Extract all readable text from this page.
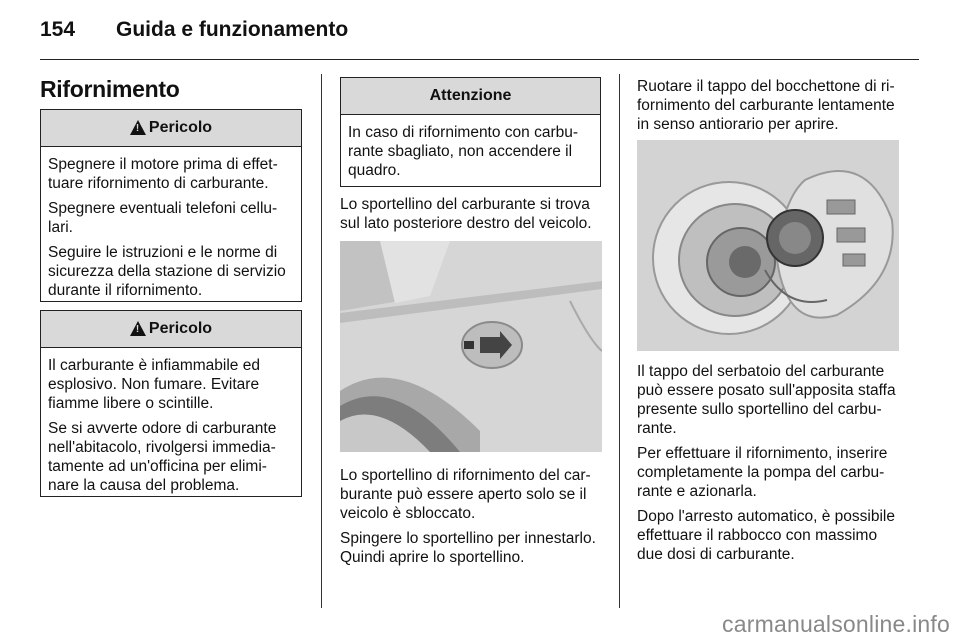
154 Guida e funzionamento
Rifornimento
!
Pericolo

Spegnere il motore prima di effet-tuare rifornimento di carburante.

Spegnere eventuali telefoni cellu-lari.

Seguire le istruzioni e le norme di sicurezza della stazione di servizio durante il rifornimento.

!
Pericolo

Il carburante è infiammabile ed esplosivo. Non fumare. Evitare fiamme libere o scintille.

Se si avverte odore di carburante nell'abitacolo, rivolgersi immedia-tamente ad un'officina per elimi-nare la causa del problema.

Attenzione

In caso di rifornimento con carbu-rante sbagliato, non accendere il quadro.

Lo sportellino del carburante si trova sul lato posteriore destro del veicolo.

Lo sportellino di rifornimento del car-burante può essere aperto solo se il veicolo è sbloccato.

Spingere lo sportellino per innestarlo. Quindi aprire lo sportellino.

Ruotare il tappo del bocchettone di ri-fornimento del carburante lentamente in senso antiorario per aprire.

Il tappo del serbatoio del carburante può essere posato sull'apposita staffa presente sullo sportellino del carbu-rante.

Per effettuare il rifornimento, inserire completamente la pompa del carbu-rante e azionarla.

Dopo l'arresto automatico, è possibile effettuare il rabbocco con massimo due dosi di carburante.

carmanualsonline.info
